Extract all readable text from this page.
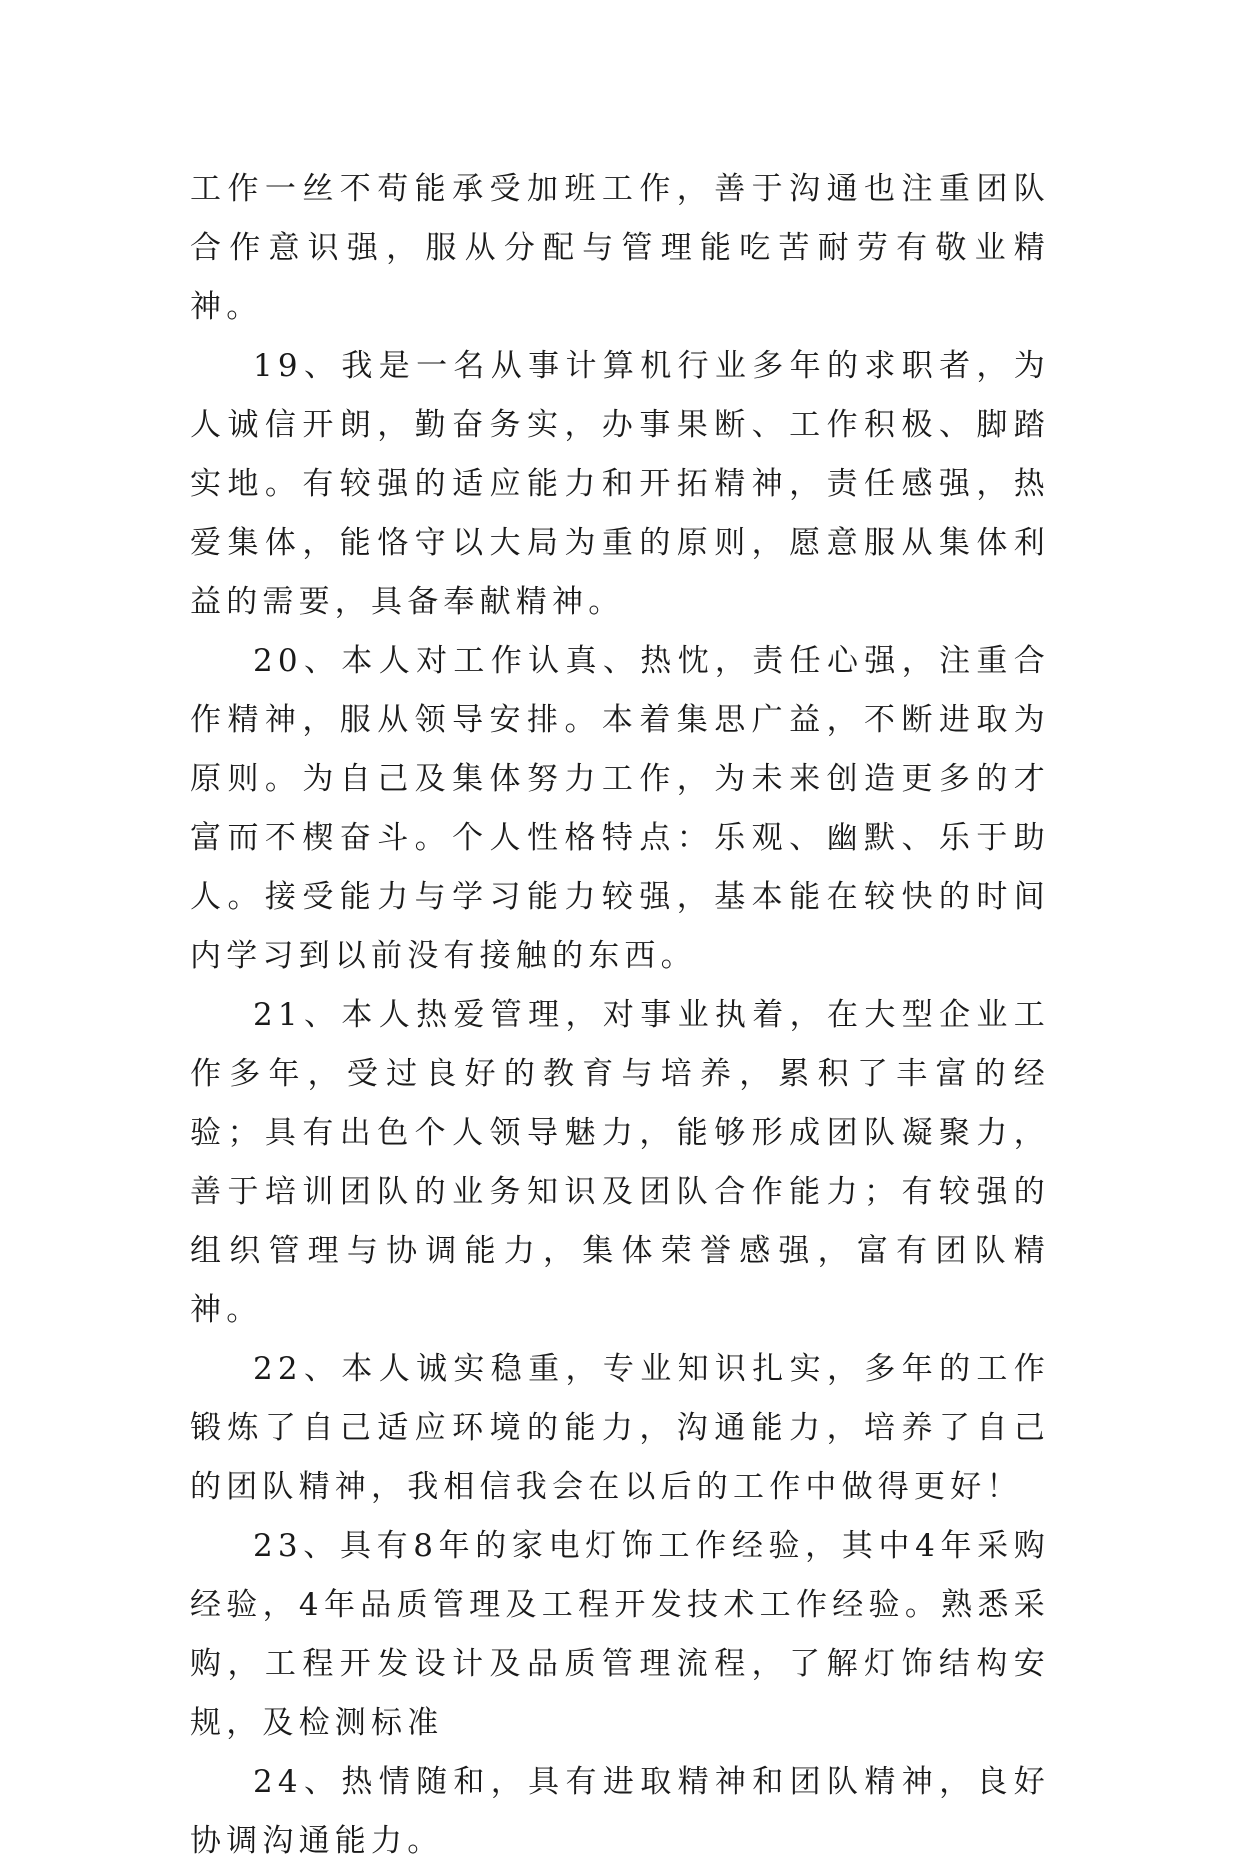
工作一丝不苟能承受加班工作，善于沟通也注重团队合作意识强，服从分配与管理能吃苦耐劳有敬业精神。

19、我是一名从事计算机行业多年的求职者，为人诚信开朗，勤奋务实，办事果断、工作积极、脚踏实地。有较强的适应能力和开拓精神，责任感强，热爱集体，能恪守以大局为重的原则，愿意服从集体利益的需要，具备奉献精神。

20、本人对工作认真、热忱，责任心强，注重合作精神，服从领导安排。本着集思广益，不断进取为原则。为自己及集体努力工作，为未来创造更多的才富而不楔奋斗。个人性格特点：乐观、幽默、乐于助人。接受能力与学习能力较强，基本能在较快的时间内学习到以前没有接触的东西。

21、本人热爱管理，对事业执着，在大型企业工作多年，受过良好的教育与培养，累积了丰富的经验；具有出色个人领导魅力，能够形成团队凝聚力，善于培训团队的业务知识及团队合作能力；有较强的组织管理与协调能力，集体荣誉感强，富有团队精神。

22、本人诚实稳重，专业知识扎实，多年的工作锻炼了自己适应环境的能力，沟通能力，培养了自己的团队精神，我相信我会在以后的工作中做得更好！

23、具有8年的家电灯饰工作经验，其中4年采购经验，4年品质管理及工程开发技术工作经验。熟悉采购，工程开发设计及品质管理流程，了解灯饰结构安规，及检测标准

24、热情随和，具有进取精神和团队精神，良好协调沟通能力。
